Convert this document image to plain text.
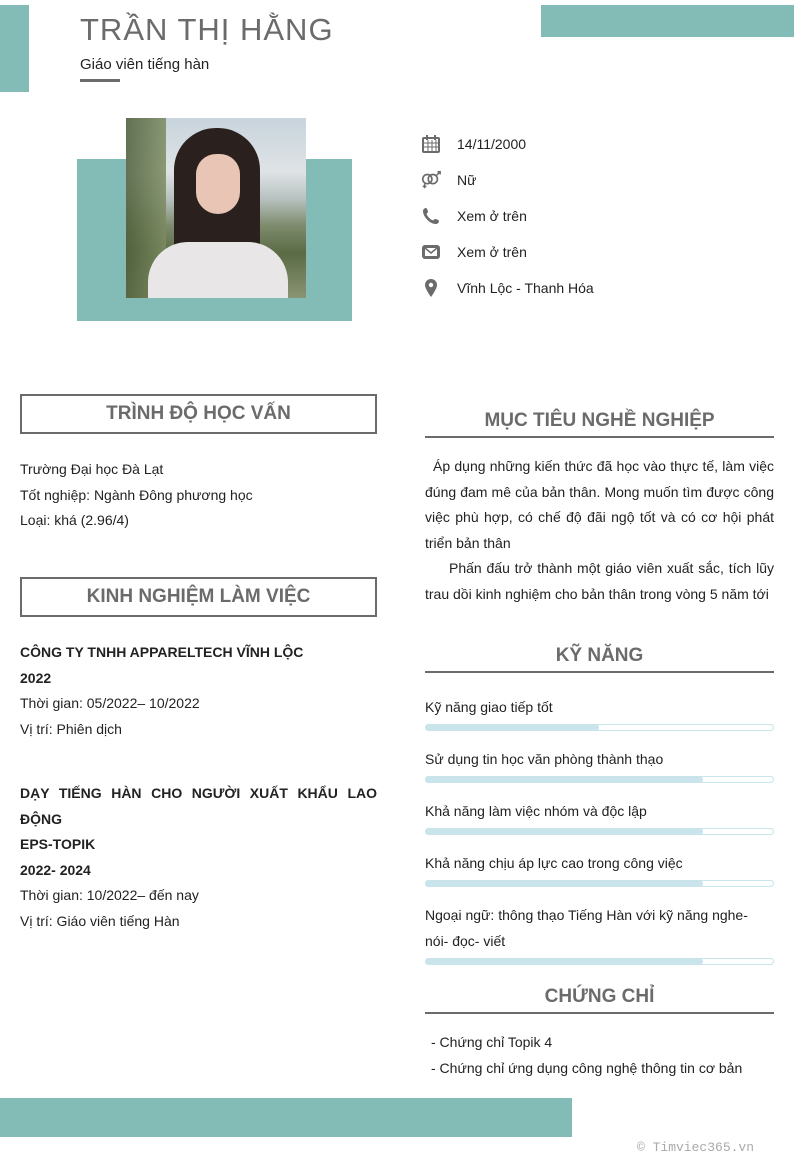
TRẦN THỊ HẰNG
Giáo viên tiếng hàn
14/11/2000
Nữ
Xem ở trên
Xem ở trên
Vĩnh Lộc - Thanh Hóa
TRÌNH ĐỘ HỌC VẤN
Trường Đại học Đà Lạt
Tốt nghiệp: Ngành Đông phương học
Loại: khá (2.96/4)
KINH NGHIỆM LÀM VIỆC
CÔNG TY TNHH APPARELTECH VĨNH LỘC
2022
Thời gian: 05/2022– 10/2022
Vị trí: Phiên dịch
DẠY TIẾNG HÀN CHO NGƯỜI XUẤT KHẨU LAO ĐỘNG
EPS-TOPIK
2022- 2024
Thời gian: 10/2022– đến nay
Vị trí: Giáo viên tiếng Hàn
MỤC TIÊU NGHỀ NGHIỆP
Áp dụng những kiến thức đã học vào thực tế, làm việc đúng đam mê của bản thân. Mong muốn tìm được công việc phù hợp, có chế độ đãi ngộ tốt và có cơ hội phát triển bản thân
Phấn đấu trở thành một giáo viên xuất sắc, tích lũy trau dồi kinh nghiệm cho bản thân trong vòng 5 năm tới
KỸ NĂNG
Kỹ năng giao tiếp tốt
Sử dụng tin học văn phòng thành thạo
Khả năng làm việc nhóm và độc lập
Khả năng chịu áp lực cao trong công việc
Ngoại ngữ: thông thạo Tiếng Hàn với kỹ năng nghe- nói- đọc- viết
CHỨNG CHỈ
- Chứng chỉ Topik 4
- Chứng chỉ ứng dụng công nghệ thông tin cơ bản
© Timviec365.vn
